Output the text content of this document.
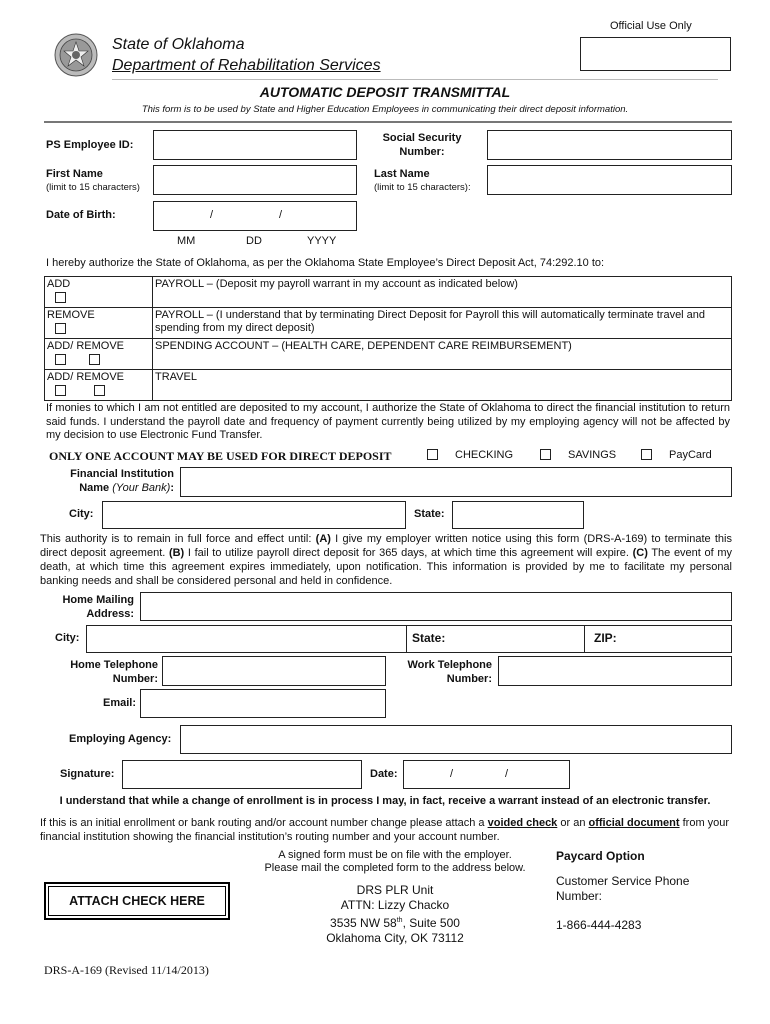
Official Use Only
State of Oklahoma
Department of Rehabilitation Services
AUTOMATIC DEPOSIT TRANSMITTAL
This form is to be used by State and Higher Education Employees in communicating their direct deposit information.
PS Employee ID:
Social Security
Number:
First Name
(limit to 15 characters)
Last Name
(limit to 15 characters):
Date of Birth:	/	/
MM	DD	YYYY
I hereby authorize the State of Oklahoma, as per the Oklahoma State Employee’s Direct Deposit Act, 74:292.10 to:
ADD	PAYROLL – (Deposit my payroll warrant in my account as indicated below)

REMOVE	PAYROLL – (I understand that by terminating Direct Deposit for Payroll this will automatically terminate travel and spending from my direct deposit)

ADD/ REMOVE	SPENDING ACCOUNT – (HEALTH CARE, DEPENDENT CARE REIMBURSEMENT)

ADD/ REMOVE	TRAVEL
If monies to which I am not entitled are deposited to my account, I authorize the State of Oklahoma to direct the financial institution to return said funds. I understand the payroll date and frequency of payment currently being utilized by my employing agency will not be affected by my decision to use Electronic Fund Transfer.
ONLY ONE ACCOUNT MAY BE USED FOR DIRECT DEPOSIT	CHECKING	SAVINGS	PayCard
Financial Institution
Name (Your Bank):
City:	State:
This authority is to remain in full force and effect until: (A) I give my employer written notice using this form (DRS-A-169) to terminate this direct deposit agreement. (B) I fail to utilize payroll direct deposit for 365 days, at which time this agreement will expire. (C) The event of my death, at which time this agreement expires immediately, upon notification. This information is provided by me to facilitate my personal banking needs and shall be considered personal and held in confidence.
Home Mailing
Address:
City:	State:	ZIP:
Home Telephone
Number:
Work Telephone
Number:
Email:
Employing Agency:
Signature:	Date:	/	/
I understand that while a change of enrollment is in process I may, in fact, receive a warrant instead of an electronic transfer.
If this is an initial enrollment or bank routing and/or account number change please attach a voided check or an official document from your financial institution showing the financial institution’s routing number and your account number.
A signed form must be on file with the employer.
Please mail the completed form to the address below.
DRS PLR Unit
ATTN: Lizzy Chacko
3535 NW 58th, Suite 500
Oklahoma City, OK 73112
ATTACH CHECK HERE
Paycard Option
Customer Service Phone
Number:
1-866-444-4283
DRS-A-169 (Revised 11/14/2013)
